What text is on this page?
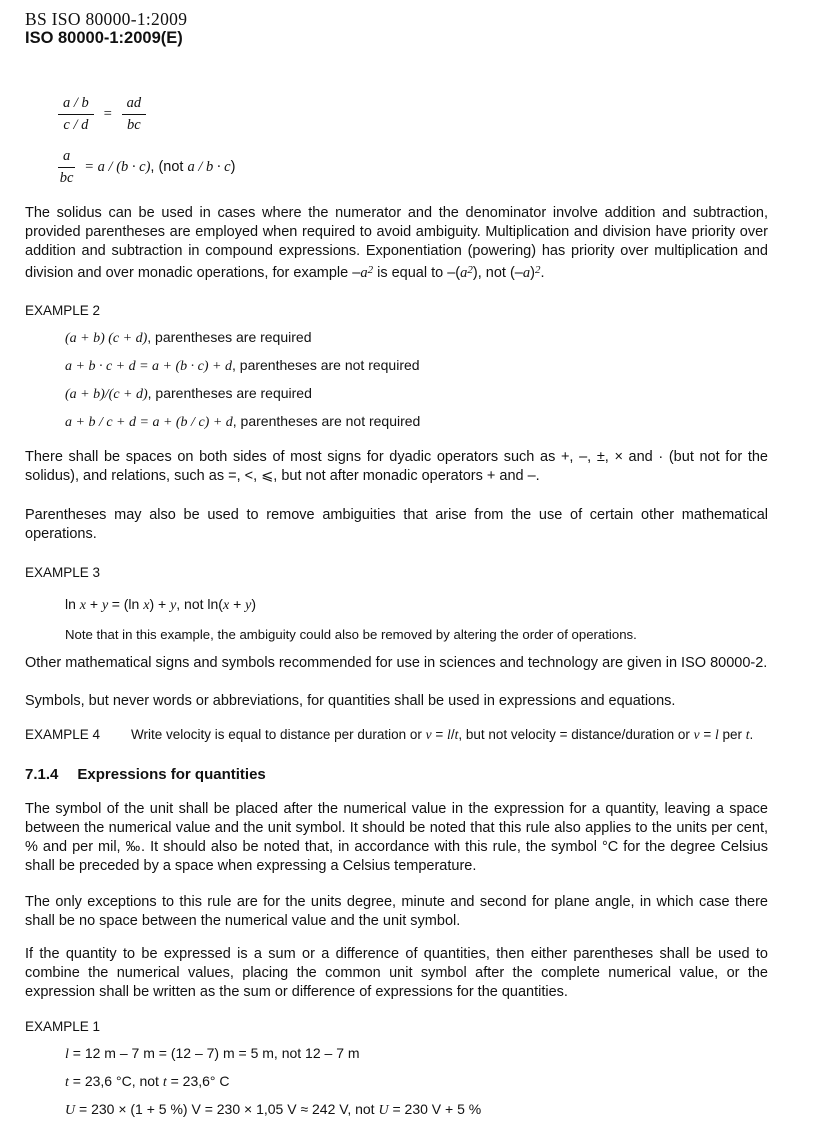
BS ISO 80000-1:2009
ISO 80000-1:2009(E)
$\frac{a / b}{c / d} = \frac{ad}{bc}$
$\frac{a}{bc} = a / (b \cdot c)$, (not a / b · c)

The solidus can be used in cases where the numerator and the denominator involve addition and subtraction, provided parentheses are employed when required to avoid ambiguity. Multiplication and division have priority over addition and subtraction in compound expressions. Exponentiation (powering) has priority over multiplication and division and over monadic operations, for example $-a^2$ is equal to $-(a^2)$, not $(-a)^2$.

EXAMPLE 2
(a + b) (c + d), parentheses are required
a + b · c + d = a + (b · c) + d, parentheses are not required
(a + b)/(c + d), parentheses are required
a + b / c + d = a + (b / c) + d, parentheses are not required

There shall be spaces on both sides of most signs for dyadic operators such as +, –, ±, × and · (but not for the solidus), and relations, such as =, <, ⩽, but not after monadic operators + and –.

Parentheses may also be used to remove ambiguities that arise from the use of certain other mathematical operations.

EXAMPLE 3
ln x + y = (ln x) + y, not ln(x + y)
Note that in this example, the ambiguity could also be removed by altering the order of operations.

Other mathematical signs and symbols recommended for use in sciences and technology are given in ISO 80000-2.

Symbols, but never words or abbreviations, for quantities shall be used in expressions and equations.

EXAMPLE 4	Write velocity is equal to distance per duration or v = l/t, but not velocity = distance/duration or v = l per t.
7.1.4 Expressions for quantities

The symbol of the unit shall be placed after the numerical value in the expression for a quantity, leaving a space between the numerical value and the unit symbol. It should be noted that this rule also applies to the units per cent, % and per mil, ‰. It should also be noted that, in accordance with this rule, the symbol °C for the degree Celsius shall be preceded by a space when expressing a Celsius temperature.

The only exceptions to this rule are for the units degree, minute and second for plane angle, in which case there shall be no space between the numerical value and the unit symbol.

If the quantity to be expressed is a sum or a difference of quantities, then either parentheses shall be used to combine the numerical values, placing the common unit symbol after the complete numerical value, or the expression shall be written as the sum or difference of expressions for the quantities.

EXAMPLE 1
l = 12 m – 7 m = (12 – 7) m = 5 m, not 12 – 7 m
t = 23,6 °C, not t = 23,6° C
U = 230 × (1 + 5 %) V = 230 × 1,05 V ≈ 242 V, not U = 230 V + 5 %
